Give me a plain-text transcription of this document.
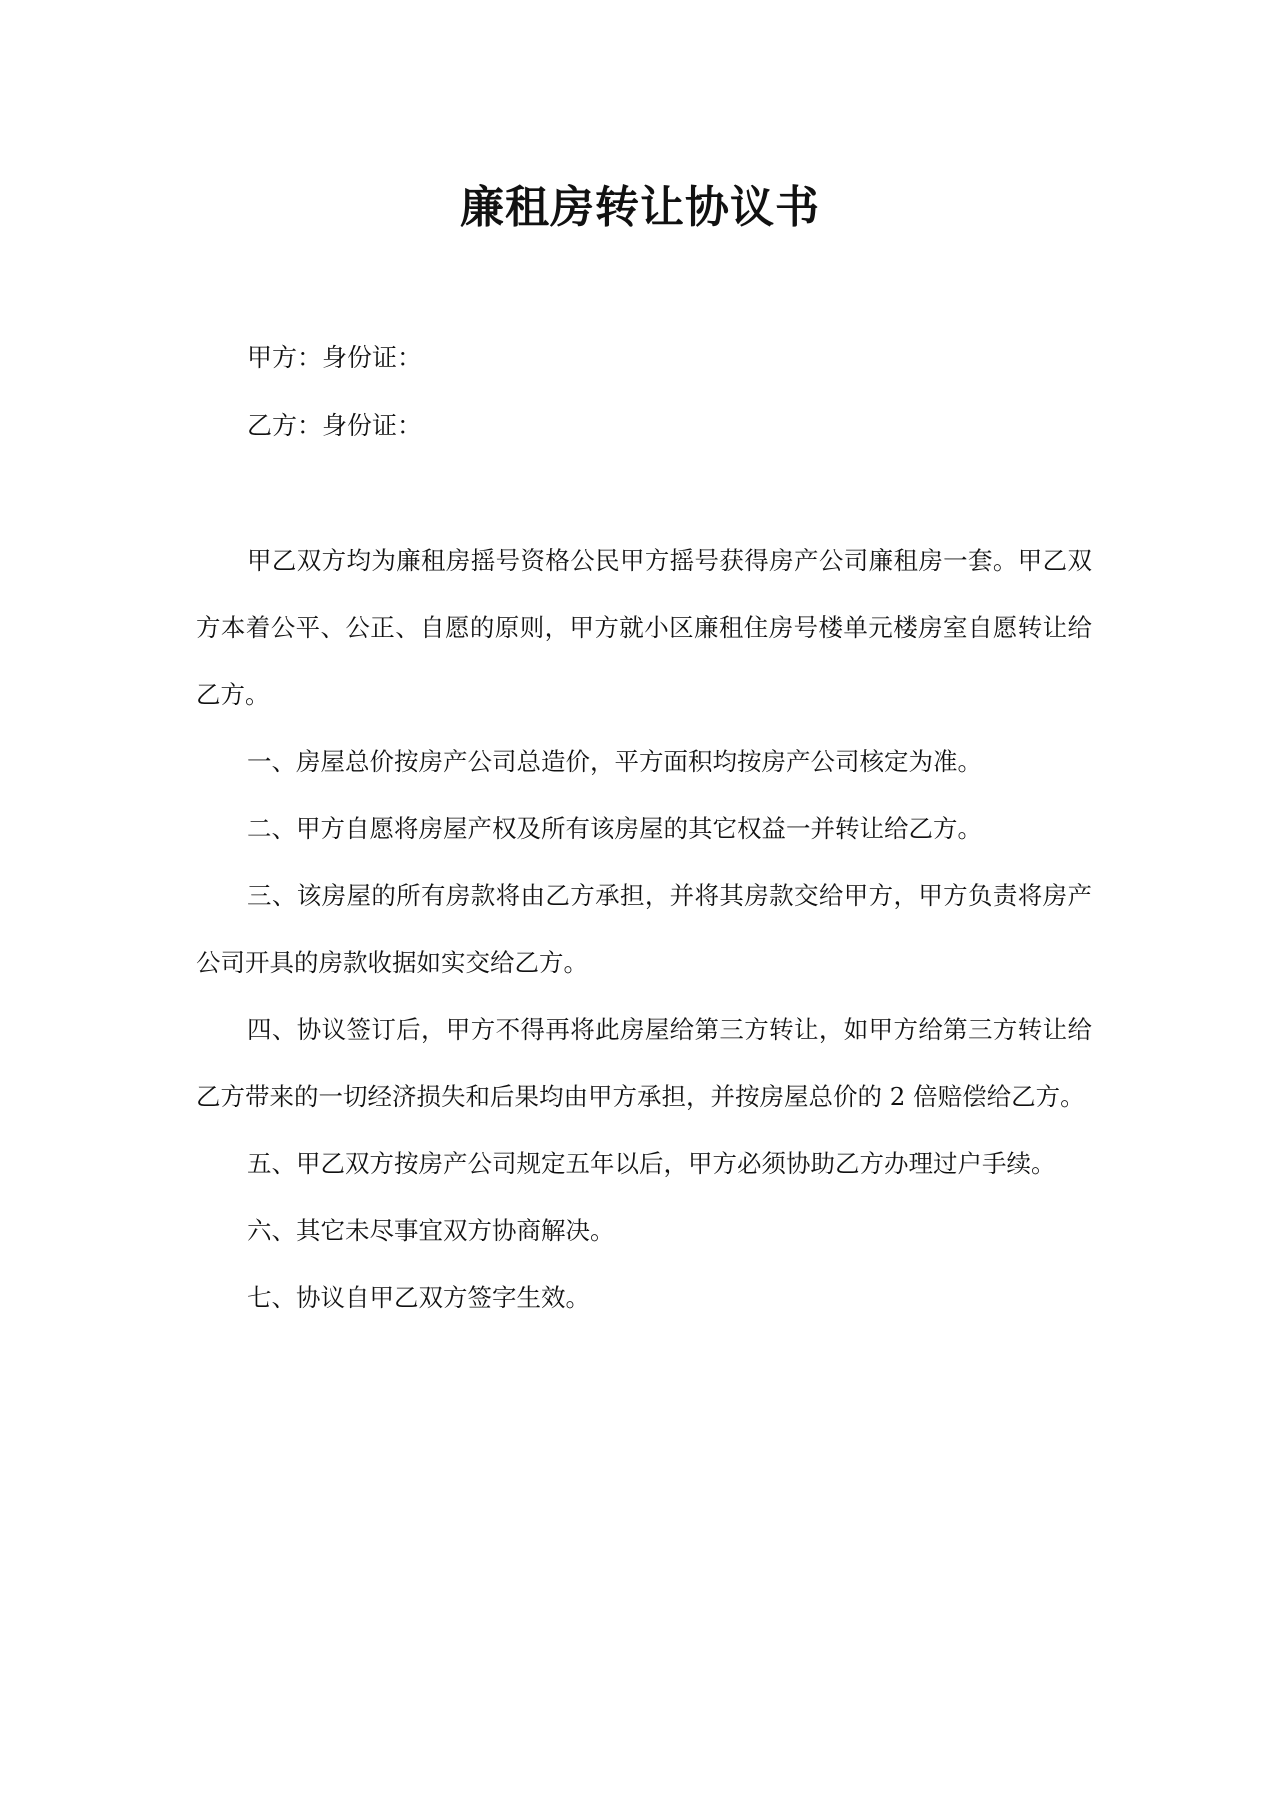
廉租房转让协议书

甲方：身份证：

乙方：身份证：

甲乙双方均为廉租房摇号资格公民甲方摇号获得房产公司廉租房一套。甲乙双方本着公平、公正、自愿的原则，甲方就小区廉租住房号楼单元楼房室自愿转让给乙方。

一、房屋总价按房产公司总造价，平方面积均按房产公司核定为准。

二、甲方自愿将房屋产权及所有该房屋的其它权益一并转让给乙方。

三、该房屋的所有房款将由乙方承担，并将其房款交给甲方，甲方负责将房产公司开具的房款收据如实交给乙方。

四、协议签订后，甲方不得再将此房屋给第三方转让，如甲方给第三方转让给乙方带来的一切经济损失和后果均由甲方承担，并按房屋总价的 2 倍赔偿给乙方。

五、甲乙双方按房产公司规定五年以后，甲方必须协助乙方办理过户手续。

六、其它未尽事宜双方协商解决。

七、协议自甲乙双方签字生效。
